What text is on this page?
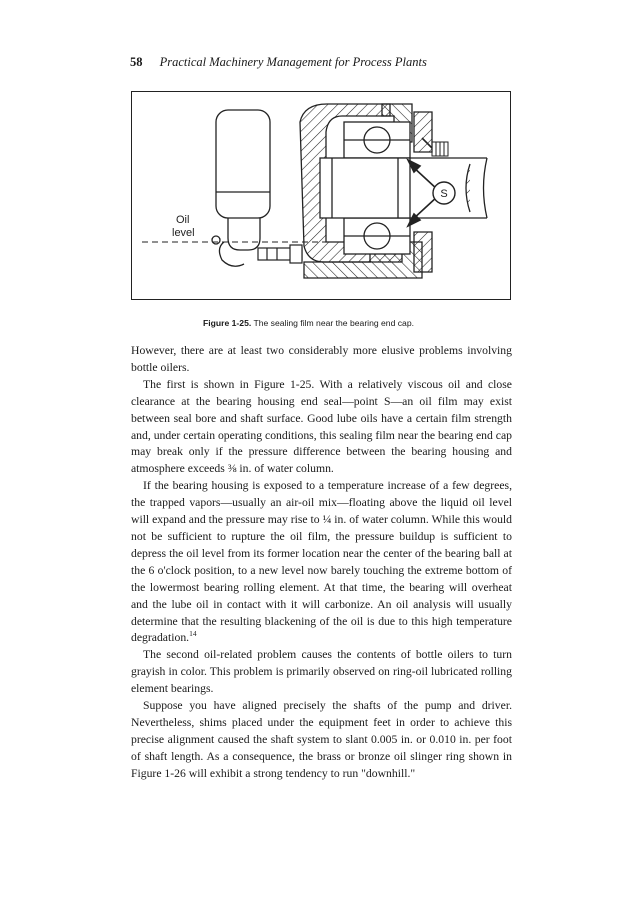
58 Practical Machinery Management for Process Plants
Oil
level
S
Figure 1-25. The sealing film near the bearing end cap.

However, there are at least two considerably more elusive problems involving bottle oilers.

The first is shown in Figure 1-25. With a relatively viscous oil and close clearance at the bearing housing end seal—point S—an oil film may exist between seal bore and shaft surface. Good lube oils have a certain film strength and, under certain operating conditions, this sealing film near the bearing end cap may break only if the pressure difference between the bearing housing and atmosphere exceeds ⅜ in. of water column.

If the bearing housing is exposed to a temperature increase of a few degrees, the trapped vapors—usually an air-oil mix—floating above the liquid oil level will expand and the pressure may rise to ¼ in. of water column. While this would not be sufficient to rupture the oil film, the pressure buildup is sufficient to depress the oil level from its former location near the center of the bearing ball at the 6 o'clock position, to a new level now barely touching the extreme bottom of the lowermost bearing rolling element. At that time, the bearing will overheat and the lube oil in contact with it will carbonize. An oil analysis will usually determine that the resulting blackening of the oil is due to this high temperature degradation.$^{14}$

The second oil-related problem causes the contents of bottle oilers to turn grayish in color. This problem is primarily observed on ring-oil lubricated rolling element bearings.

Suppose you have aligned precisely the shafts of the pump and driver. Nevertheless, shims placed under the equipment feet in order to achieve this precise alignment caused the shaft system to slant 0.005 in. or 0.010 in. per foot of shaft length. As a consequence, the brass or bronze oil slinger ring shown in Figure 1-26 will exhibit a strong tendency to run "downhill."
